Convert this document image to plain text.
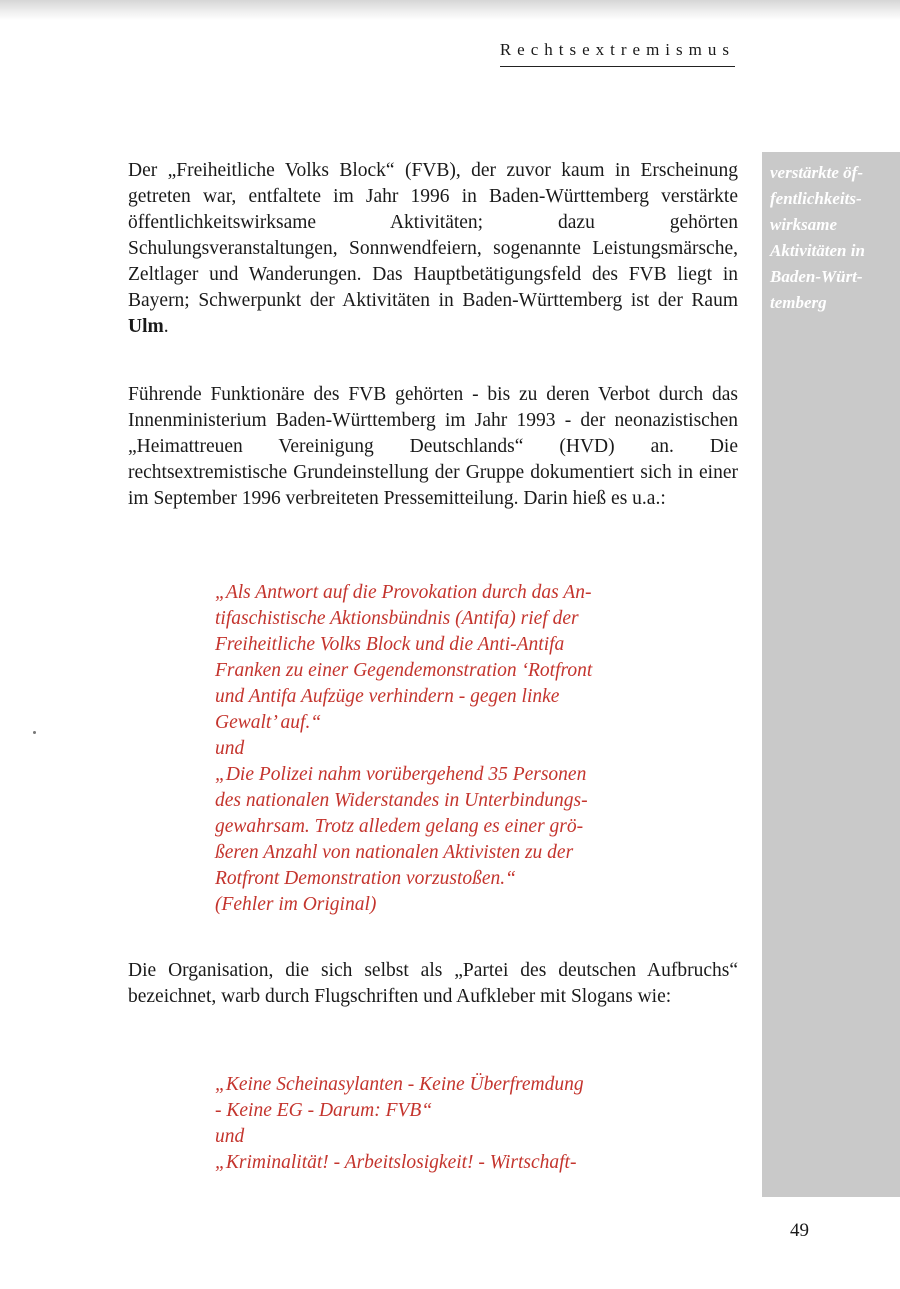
Rechtsextremismus
verstärkte öf-
fentlichkeits-
wirksame
Aktivitäten in
Baden-Würt-
temberg

Der „Freiheitliche Volks Block“ (FVB), der zuvor kaum in Erscheinung getreten war, entfaltete im Jahr 1996 in Baden-Württemberg verstärkte öffentlichkeitswirksame Aktivitäten; dazu gehörten Schulungsveranstaltungen, Sonnwendfeiern, sogenannte Leistungsmärsche, Zeltlager und Wanderungen. Das Hauptbetätigungsfeld des FVB liegt in Bayern; Schwerpunkt der Aktivitäten in Baden-Württemberg ist der Raum Ulm.

Führende Funktionäre des FVB gehörten - bis zu deren Verbot durch das Innenministerium Baden-Württemberg im Jahr 1993 - der neonazistischen „Heimattreuen Vereinigung Deutschlands“ (HVD) an. Die rechtsextremistische Grundeinstellung der Gruppe dokumentiert sich in einer im September 1996 verbreiteten Pressemitteilung. Darin hieß es u.a.:

„Als Antwort auf die Provokation durch das An-
tifaschistische Aktionsbündnis (Antifa) rief der
Freiheitliche Volks Block und die Anti-Antifa
Franken zu einer Gegendemonstration ‘Rotfront
und Antifa Aufzüge verhindern - gegen linke
Gewalt’ auf.“
und
„Die Polizei nahm vorübergehend 35 Personen
des nationalen Widerstandes in Unterbindungs-
gewahrsam. Trotz alledem gelang es einer grö-
ßeren Anzahl von nationalen Aktivisten zu der
Rotfront Demonstration vorzustoßen.“
(Fehler im Original)

Die Organisation, die sich selbst als „Partei des deutschen Aufbruchs“ bezeichnet, warb durch Flugschriften und Aufkleber mit Slogans wie:

„Keine Scheinasylanten - Keine Überfremdung
- Keine EG - Darum: FVB“
und
„Kriminalität! - Arbeitslosigkeit! - Wirtschaft-
49
